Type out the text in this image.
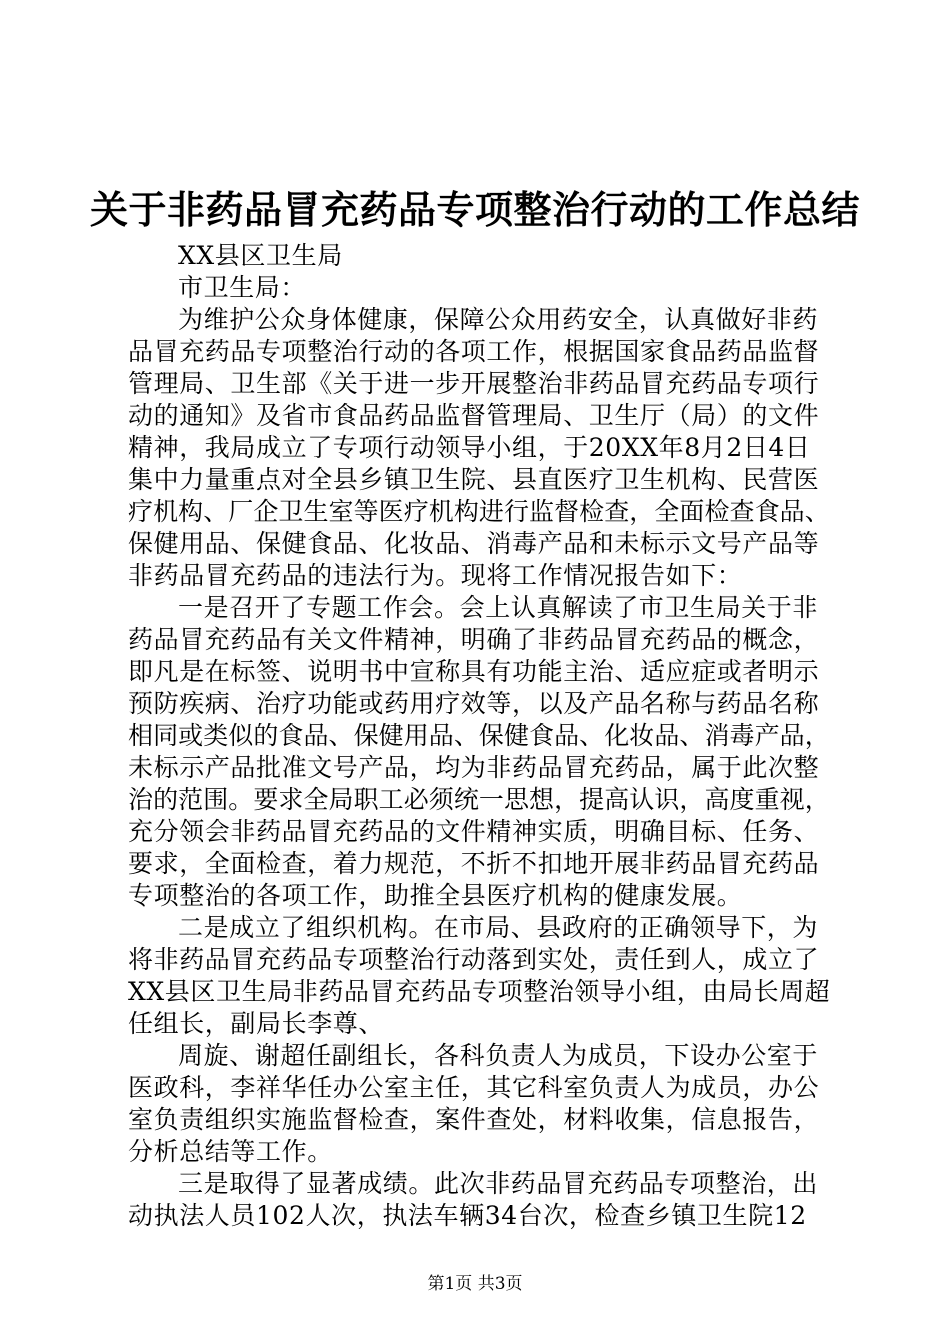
关于非药品冒充药品专项整治行动的工作总结
XX县区卫生局
市卫生局：
为维护公众身体健康，保障公众用药安全，认真做好非药
品冒充药品专项整治行动的各项工作，根据国家食品药品监督
管理局、卫生部《关于进一步开展整治非药品冒充药品专项行
动的通知》及省市食品药品监督管理局、卫生厅（局）的文件
精神，我局成立了专项行动领导小组，于20XX年8月2日4日
集中力量重点对全县乡镇卫生院、县直医疗卫生机构、民营医
疗机构、厂企卫生室等医疗机构进行监督检查，全面检查食品、
保健用品、保健食品、化妆品、消毒产品和未标示文号产品等
非药品冒充药品的违法行为。现将工作情况报告如下：
一是召开了专题工作会。会上认真解读了市卫生局关于非
药品冒充药品有关文件精神，明确了非药品冒充药品的概念，
即凡是在标签、说明书中宣称具有功能主治、适应症或者明示
预防疾病、治疗功能或药用疗效等，以及产品名称与药品名称
相同或类似的食品、保健用品、保健食品、化妆品、消毒产品，
未标示产品批准文号产品，均为非药品冒充药品，属于此次整
治的范围。要求全局职工必须统一思想，提高认识，高度重视，
充分领会非药品冒充药品的文件精神实质，明确目标、任务、
要求，全面检查，着力规范，不折不扣地开展非药品冒充药品
专项整治的各项工作，助推全县医疗机构的健康发展。
二是成立了组织机构。在市局、县政府的正确领导下，为
将非药品冒充药品专项整治行动落到实处，责任到人，成立了
XX县区卫生局非药品冒充药品专项整治领导小组，由局长周超
任组长，副局长李尊、
周旋、谢超任副组长，各科负责人为成员，下设办公室于
医政科，李祥华任办公室主任，其它科室负责人为成员，办公
室负责组织实施监督检查，案件查处，材料收集，信息报告，
分析总结等工作。
三是取得了显著成绩。此次非药品冒充药品专项整治，出
动执法人员102人次，执法车辆34台次，检查乡镇卫生院12
第1页 共3页
